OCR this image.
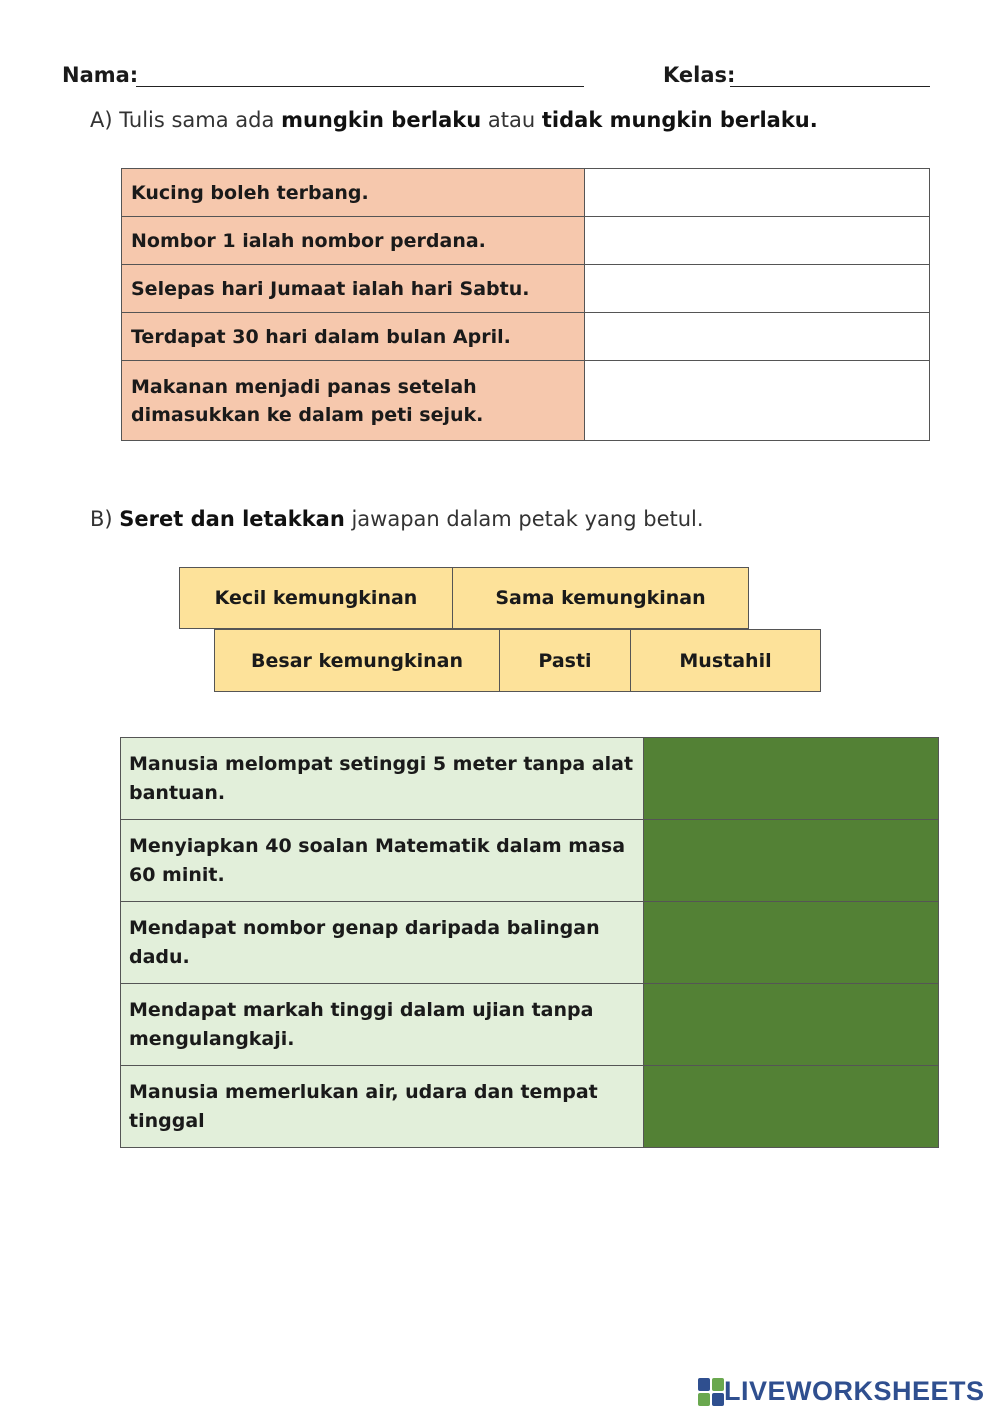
Nama:	Kelas:
A) Tulis sama ada mungkin berlaku atau tidak mungkin berlaku.
Kucing boleh terbang.	
Nombor 1 ialah nombor perdana.	
Selepas hari Jumaat ialah hari Sabtu.	
Terdapat 30 hari dalam bulan April.	
Makanan menjadi panas setelah dimasukkan ke dalam peti sejuk.	
B) Seret dan letakkan jawapan dalam petak yang betul.
Kecil kemungkinan	Sama kemungkinan
Besar kemungkinan	Pasti	Mustahil
Manusia melompat setinggi 5 meter tanpa alat bantuan.	
Menyiapkan 40 soalan Matematik dalam masa 60 minit.	
Mendapat nombor genap daripada balingan dadu.	
Mendapat markah tinggi dalam ujian tanpa mengulangkaji.	
Manusia memerlukan air, udara dan tempat tinggal	
LIVEWORKSHEETS
